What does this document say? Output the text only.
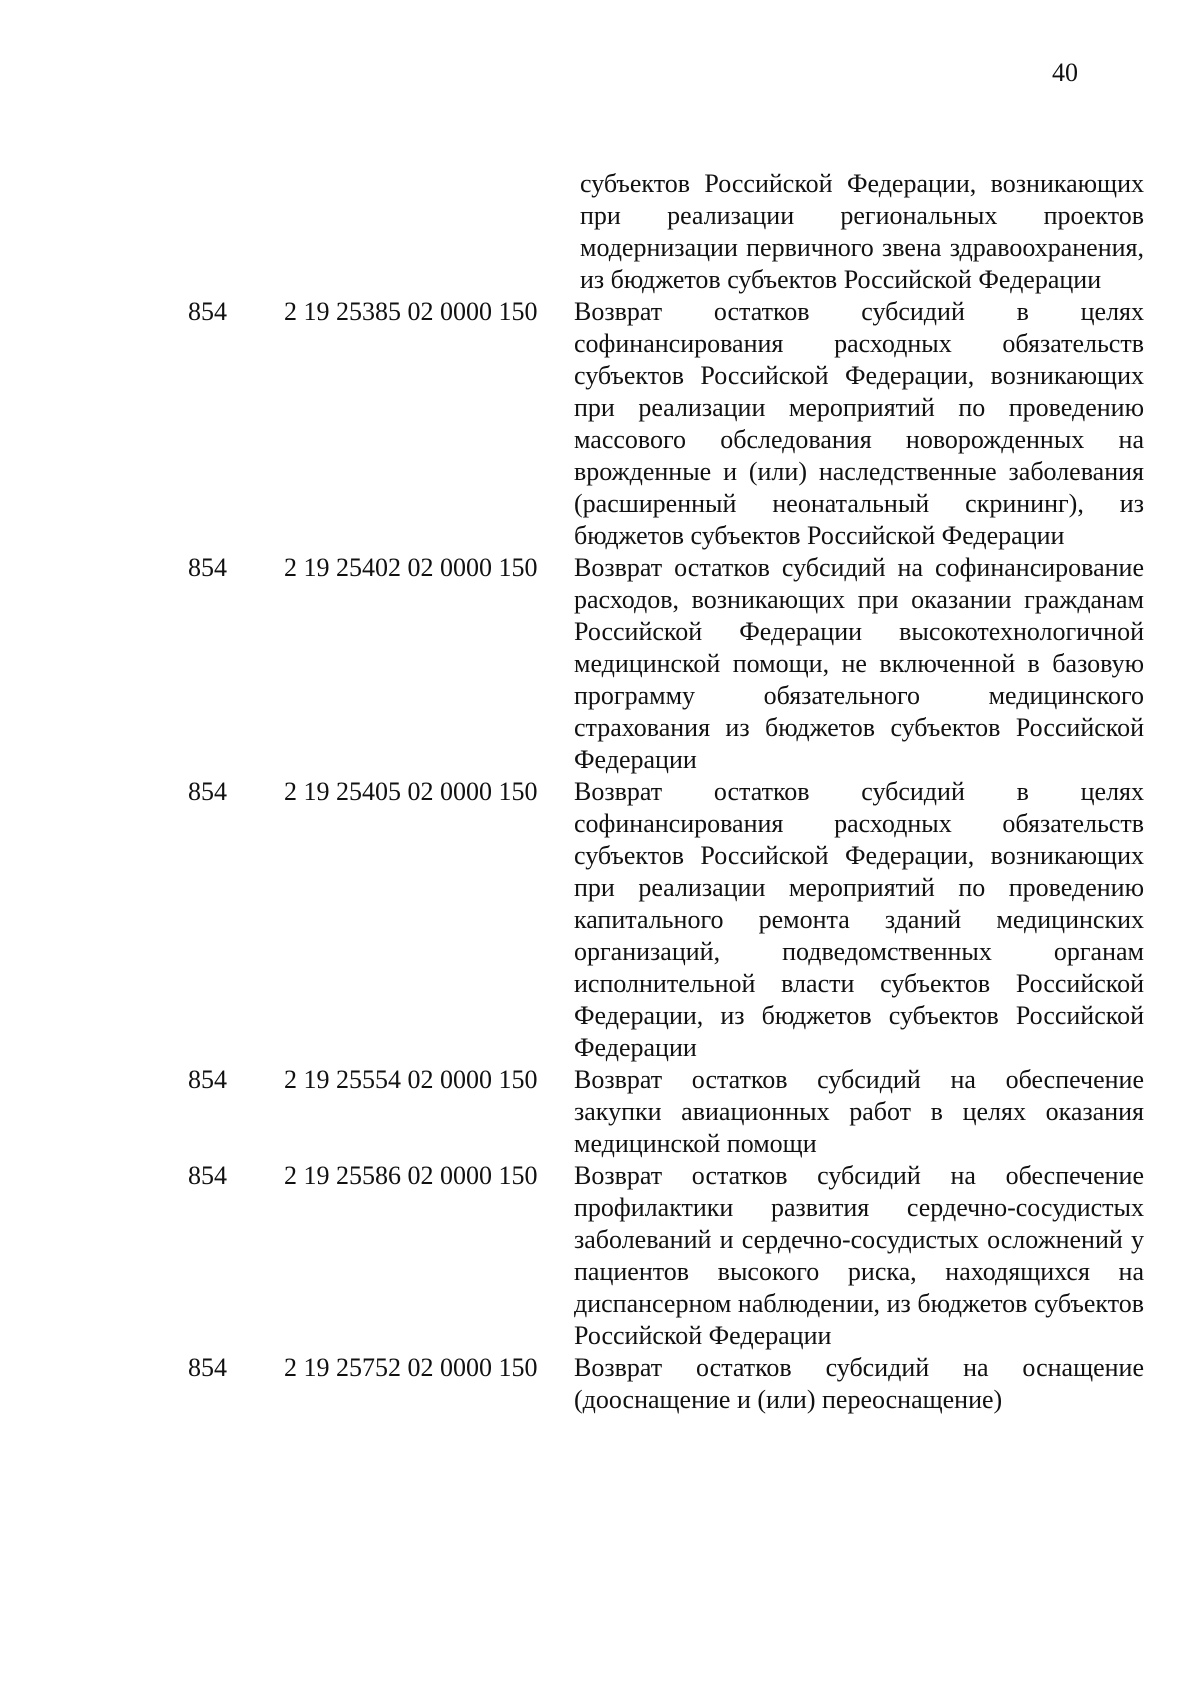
40
субъектов Российской Федерации, возникающих при реализации региональных проектов модернизации первичного звена здравоохранения, из бюджетов субъектов Российской Федерации
854	2 19 25385 02 0000 150	Возврат остатков субсидий в целях софинансирования расходных обязательств субъектов Российской Федерации, возникающих при реализации мероприятий по проведению массового обследования новорожденных на врожденные и (или) наследственные заболевания (расширенный неонатальный скрининг), из бюджетов субъектов Российской Федерации
854	2 19 25402 02 0000 150	Возврат остатков субсидий на софинансирование расходов, возникающих при оказании гражданам Российской Федерации высокотехнологичной медицинской помощи, не включенной в базовую программу обязательного медицинского страхования из бюджетов субъектов Российской Федерации
854	2 19 25405 02 0000 150	Возврат остатков субсидий в целях софинансирования расходных обязательств субъектов Российской Федерации, возникающих при реализации мероприятий по проведению капитального ремонта зданий медицинских организаций, подведомственных органам исполнительной власти субъектов Российской Федерации, из бюджетов субъектов Российской Федерации
854	2 19 25554 02 0000 150	Возврат остатков субсидий на обеспечение закупки авиационных работ в целях оказания медицинской помощи
854	2 19 25586 02 0000 150	Возврат остатков субсидий на обеспечение профилактики развития сердечно-сосудистых заболеваний и сердечно-сосудистых осложнений у пациентов высокого риска, находящихся на диспансерном наблюдении, из бюджетов субъектов Российской Федерации
854	2 19 25752 02 0000 150	Возврат остатков субсидий на оснащение (дооснащение и (или) переоснащение)
